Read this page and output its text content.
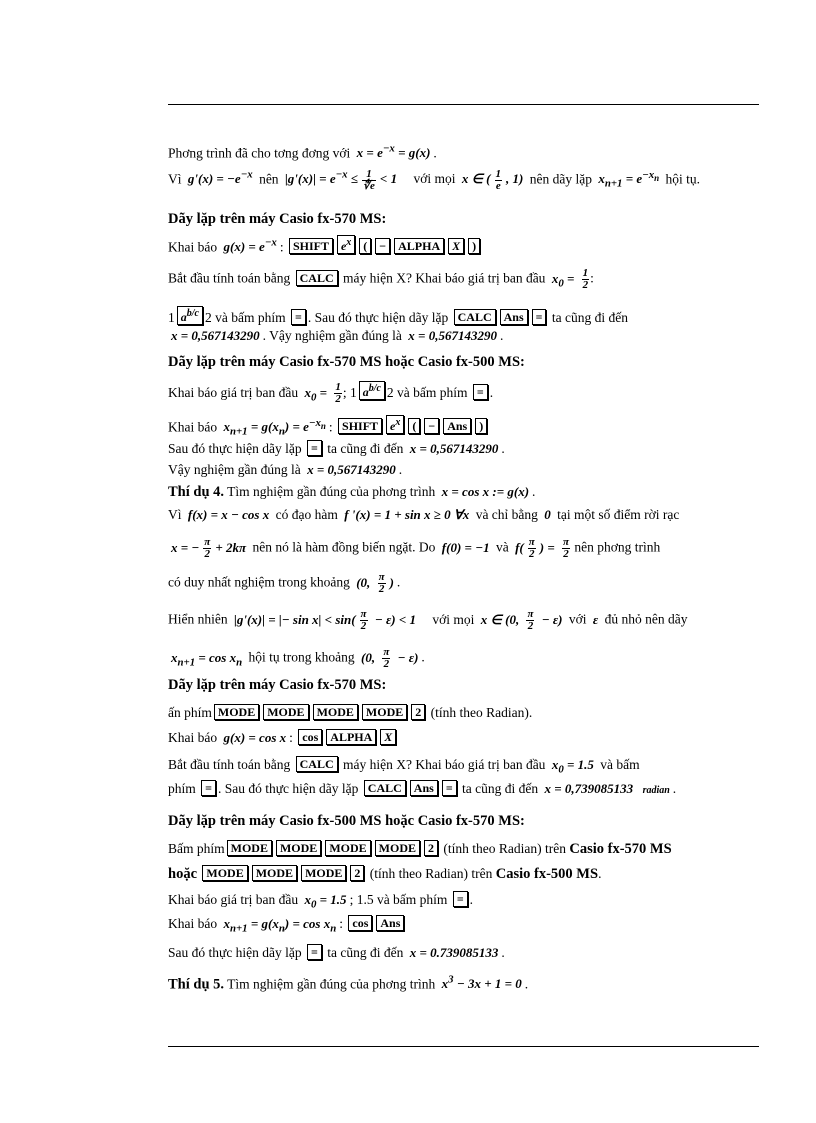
Phơng trình đã cho tơng đơng với $x = e^{-x} = g(x)$ .
Vì $g'(x) = -e^{-x}$ nên $|g'(x)| = e^{-x} \le \frac{1}{∜e} < 1$ với mọi x ∈ ( $\frac{1}{e}$ , 1) nên dãy lặp $x_{n+1} = e^{-x_n}$ hội tụ.
Dãy lặp trên máy Casio fx-570 MS:
Khai báo $g(x) = e^{-x}$ : SHIFT $e^x$ ( − ALPHA X )
Bắt đầu tính toán bằng CALC máy hiện X? Khai báo giá trị ban đầu $x_0 = \frac{1}{2}$ :
1 $a^{b/c}$ 2 và bấm phím = . Sau đó thực hiện dãy lặp CALC Ans = ta cũng đi đến
x = 0,567143290 . Vậy nghiệm gần đúng là x = 0,567143290 .
Dãy lặp trên máy Casio fx-570 MS hoặc Casio fx-500 MS:
Khai báo giá trị ban đầu $x_0 = \frac{1}{2}$ ; 1 $a^{b/c}$ 2 và bấm phím = .
Khai báo $x_{n+1} = g(x_n) = e^{-x_n}$ : SHIFT $e^x$ ( − Ans )
Sau đó thực hiện dãy lặp = ta cũng đi đến x = 0,567143290 .
Vậy nghiệm gần đúng là x = 0,567143290 .
Thí dụ 4. Tìm nghiệm gần đúng của phơng trình x = cos x := g(x) .
Vì f(x) = x − cos x có đạo hàm f '(x) = 1 + sin x ≥ 0 ∀x và chỉ bằng 0 tại một số điểm rời rạc
x = − $\frac{\pi}{2} + 2k\pi$ nên nó là hàm đồng biến ngặt. Do f(0) = −1 và $f( \frac{\pi}{2}$ ) = $\frac{\pi}{2}$ nên phơng trình
có duy nhất nghiệm trong khoảng (0, $\frac{\pi}{2}$ ) .
Hiển nhiên |g'(x)| = |− $\sin x| < \sin( \frac{\pi}{2} - \varepsilon) < 1$ với mọi x ∈ (0, $\frac{\pi}{2} - \varepsilon$) với ε đủ nhỏ nên dãy
$x_{n+1} = \cos x_n$ hội tụ trong khoảng (0, $\frac{\pi}{2} - \varepsilon$) .
Dãy lặp trên máy Casio fx-570 MS:
ấn phím MODE MODE MODE MODE 2 (tính theo Radian).
Khai báo g(x) = cos x : cos ALPHA X
Bắt đầu tính toán bằng CALC máy hiện X? Khai báo giá trị ban đầu $x_0 = 1.5$ và bấm
phím = . Sau đó thực hiện dãy lặp CALC Ans = ta cũng đi đến x = 0,739085133 radian .
Dãy lặp trên máy Casio fx-500 MS hoặc Casio fx-570 MS:
Bấm phím MODE MODE MODE MODE 2 (tính theo Radian) trên Casio fx-570 MS
hoặc MODE MODE MODE 2 (tính theo Radian) trên Casio fx-500 MS.
Khai báo giá trị ban đầu $x_0 = 1.5$ ; 1.5 và bấm phím = .
Khai báo $x_{n+1} = g(x_n) = \cos x_n$ : cos Ans
Sau đó thực hiện dãy lặp = ta cũng đi đến x = 0.739085133 .
Thí dụ 5. Tìm nghiệm gần đúng của phơng trình $x^3 - 3x + 1 = 0$ .
